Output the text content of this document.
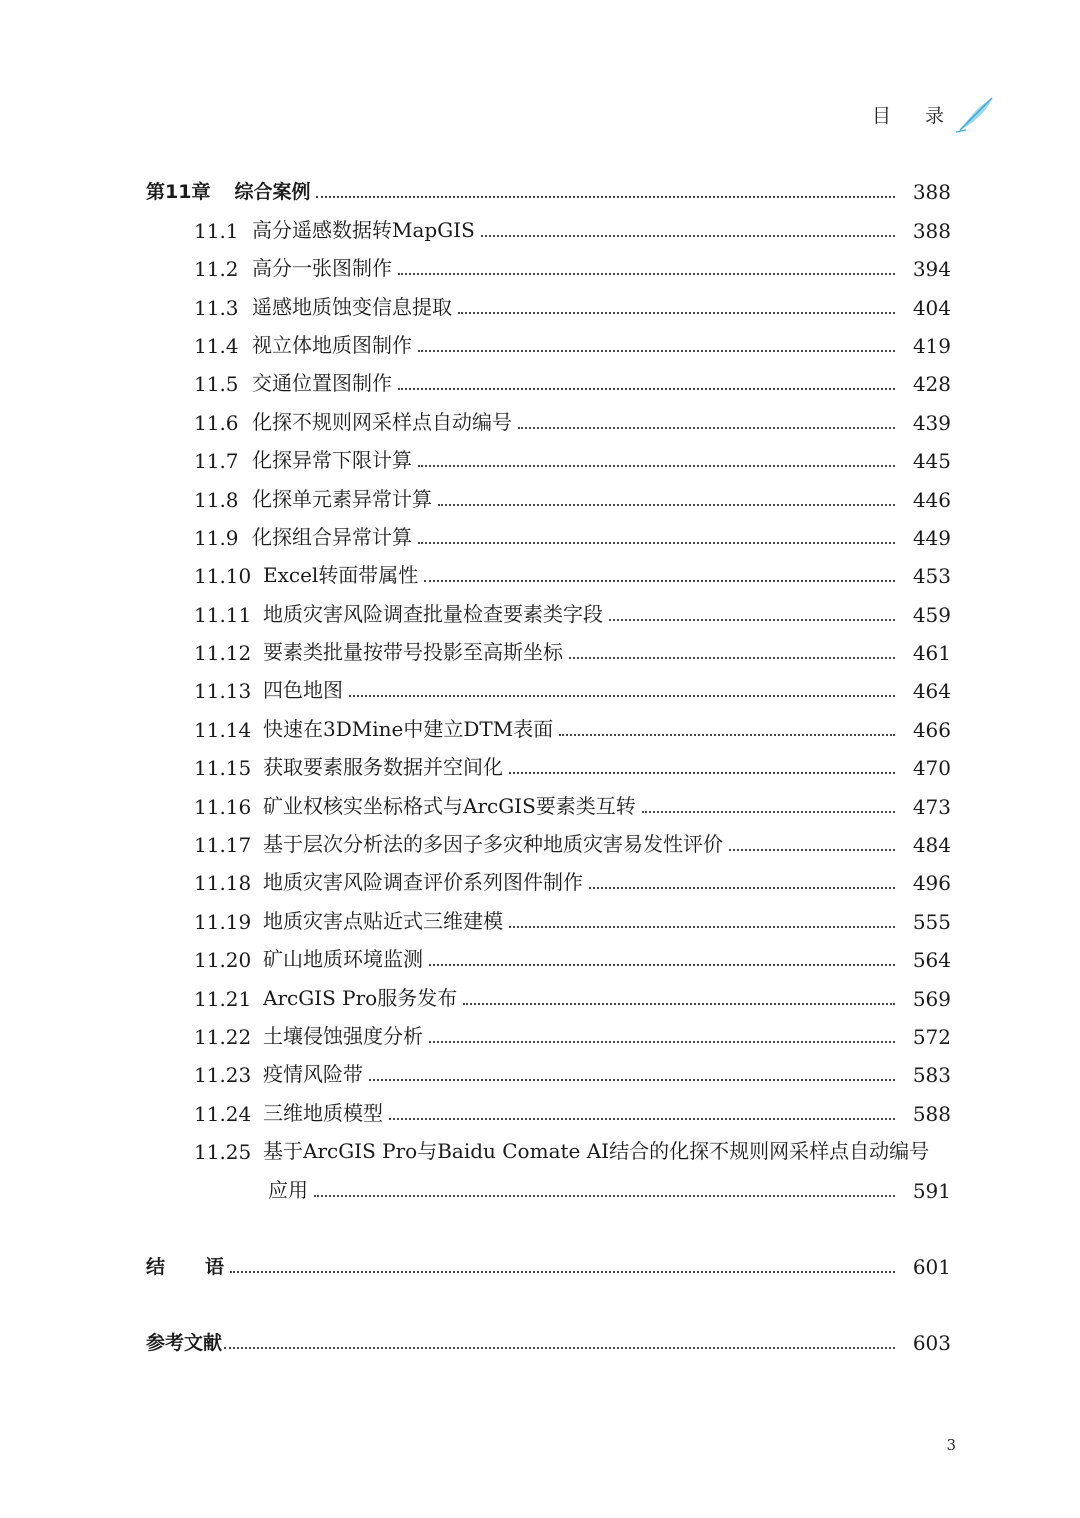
目 录
第11章 综合案例	388
11.1 高分遥感数据转MapGIS	388
11.2 高分一张图制作	394
11.3 遥感地质蚀变信息提取	404
11.4 视立体地质图制作	419
11.5 交通位置图制作	428
11.6 化探不规则网采样点自动编号	439
11.7 化探异常下限计算	445
11.8 化探单元素异常计算	446
11.9 化探组合异常计算	449
11.10 Excel转面带属性	453
11.11 地质灾害风险调查批量检查要素类字段	459
11.12 要素类批量按带号投影至高斯坐标	461
11.13 四色地图	464
11.14 快速在3DMine中建立DTM表面	466
11.15 获取要素服务数据并空间化	470
11.16 矿业权核实坐标格式与ArcGIS要素类互转	473
11.17 基于层次分析法的多因子多灾种地质灾害易发性评价	484
11.18 地质灾害风险调查评价系列图件制作	496
11.19 地质灾害点贴近式三维建模	555
11.20 矿山地质环境监测	564
11.21 ArcGIS Pro服务发布	569
11.22 土壤侵蚀强度分析	572
11.23 疫情风险带	583
11.24 三维地质模型	588
11.25 基于ArcGIS Pro与Baidu Comate AI结合的化探不规则网采样点自动编号
应用	591
结语	601
参考文献	603
3
